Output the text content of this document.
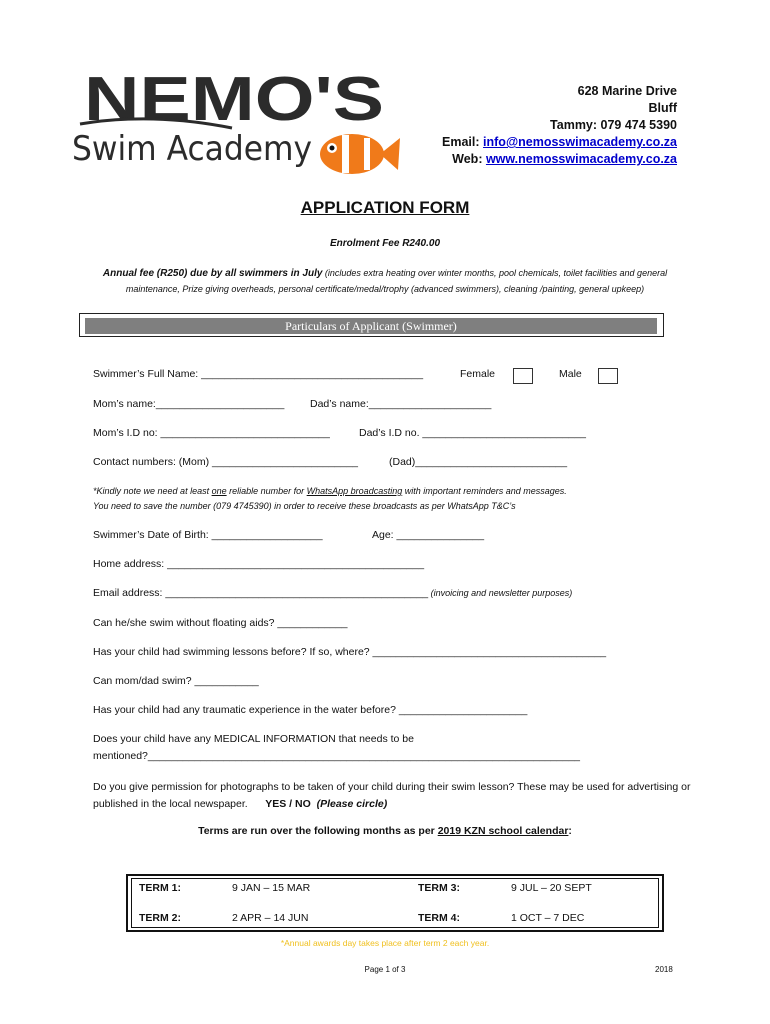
NEMO'S
Swim Academy
628 Marine Drive
Bluff
Tammy: 079 474 5390
Email: info@nemosswimacademy.co.za
Web: www.nemosswimacademy.co.za
APPLICATION FORM
Enrolment Fee R240.00
Annual fee (R250) due by all swimmers in July (includes extra heating over winter months, pool chemicals, toilet facilities and general maintenance, Prize giving overheads, personal certificate/medal/trophy (advanced swimmers), cleaning /painting, general upkeep)
Particulars of Applicant (Swimmer)
Swimmer’s Full Name: ______________________________________	Female	Male
Mom’s name:______________________ Dad’s name:_____________________
Mom’s I.D no: _____________________________	Dad’s I.D no. ____________________________
Contact numbers: (Mom) _________________________	(Dad)__________________________
*Kindly note we need at least one reliable number for WhatsApp broadcasting with important reminders and messages.
You need to save the number (079 4745390) in order to receive these broadcasts as per WhatsApp T&C’s
Swimmer’s Date of Birth: ___________________	Age: _______________
Home address: ____________________________________________
Email address: _____________________________________________ (invoicing and newsletter purposes)
Can he/she swim without floating aids? ____________
Has your child had swimming lessons before? If so, where? ________________________________________
Can mom/dad swim? ___________
Has your child had any traumatic experience in the water before? ______________________
Does your child have any MEDICAL INFORMATION that needs to be
mentioned?__________________________________________________________________________
Do you give permission for photographs to be taken of your child during their swim lesson? These may be used for advertising or published in the local newspaper. YES / NO (Please circle)
Terms are run over the following months as per 2019 KZN school calendar:
TERM 1:	9 JAN – 15 MAR
TERM 2:	2 APR – 14 JUN
TERM 3:	9 JUL – 20 SEPT
TERM 4:	1 OCT – 7 DEC
*Annual awards day takes place after term 2 each year.
Page 1 of 3	2018
